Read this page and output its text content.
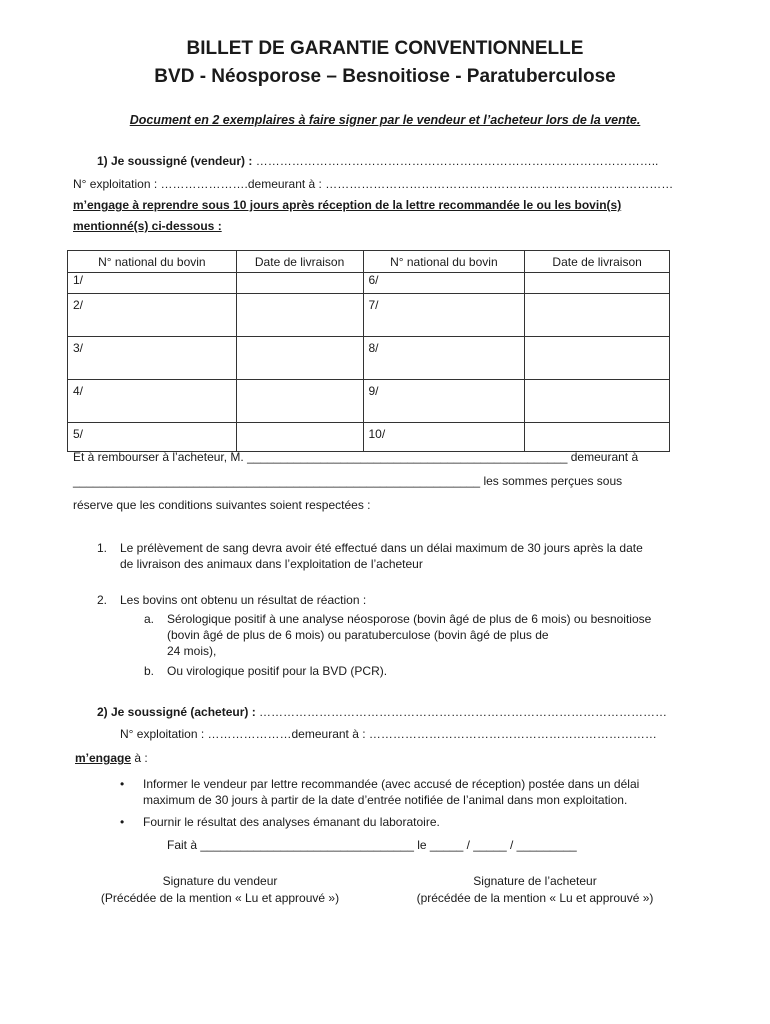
BILLET DE GARANTIE CONVENTIONNELLE
BVD - Néosporose – Besnoitiose - Paratuberculose
Document en 2 exemplaires à faire signer par le vendeur et l’acheteur lors de la vente.
1) Je soussigné (vendeur) : ………………………………………………………………………………………..
N° exploitation : ………………….demeurant à : ……………………………………………………………………………
m’engage à reprendre sous 10 jours après réception de la lettre recommandée le ou les bovin(s)
mentionné(s) ci-dessous :
N° national du bovin	Date de livraison	N° national du bovin	Date de livraison
1/		6/	
2/		7/	
3/		8/	
4/		9/	
5/		10/	
Et à rembourser à l’acheteur, M. ________________________________________________ demeurant à
_____________________________________________________________ les sommes perçues sous
réserve que les conditions suivantes soient respectées :
1. Le prélèvement de sang devra avoir été effectué dans un délai maximum de 30 jours après la date
de livraison des animaux dans l’exploitation de l’acheteur
2. Les bovins ont obtenu un résultat de réaction :
a. Sérologique positif à une analyse néosporose (bovin âgé de plus de 6 mois) ou besnoitiose
(bovin âgé de plus de 6 mois) ou paratuberculose (bovin âgé de plus de
24 mois),
b. Ou virologique positif pour la BVD (PCR).
2) Je soussigné (acheteur) : …………………………………………………………………………………………
N° exploitation : …………………demeurant à : ………………………………………………………………
m’engage à :
• Informer le vendeur par lettre recommandée (avec accusé de réception) postée dans un délai
maximum de 30 jours à partir de la date d’entrée notifiée de l’animal dans mon exploitation.
• Fournir le résultat des analyses émanant du laboratoire.
Fait à ________________________________ le _____ / _____ / _________
Signature du vendeur
(Précédée de la mention « Lu et approuvé »)
Signature de l’acheteur
(précédée de la mention « Lu et approuvé »)
